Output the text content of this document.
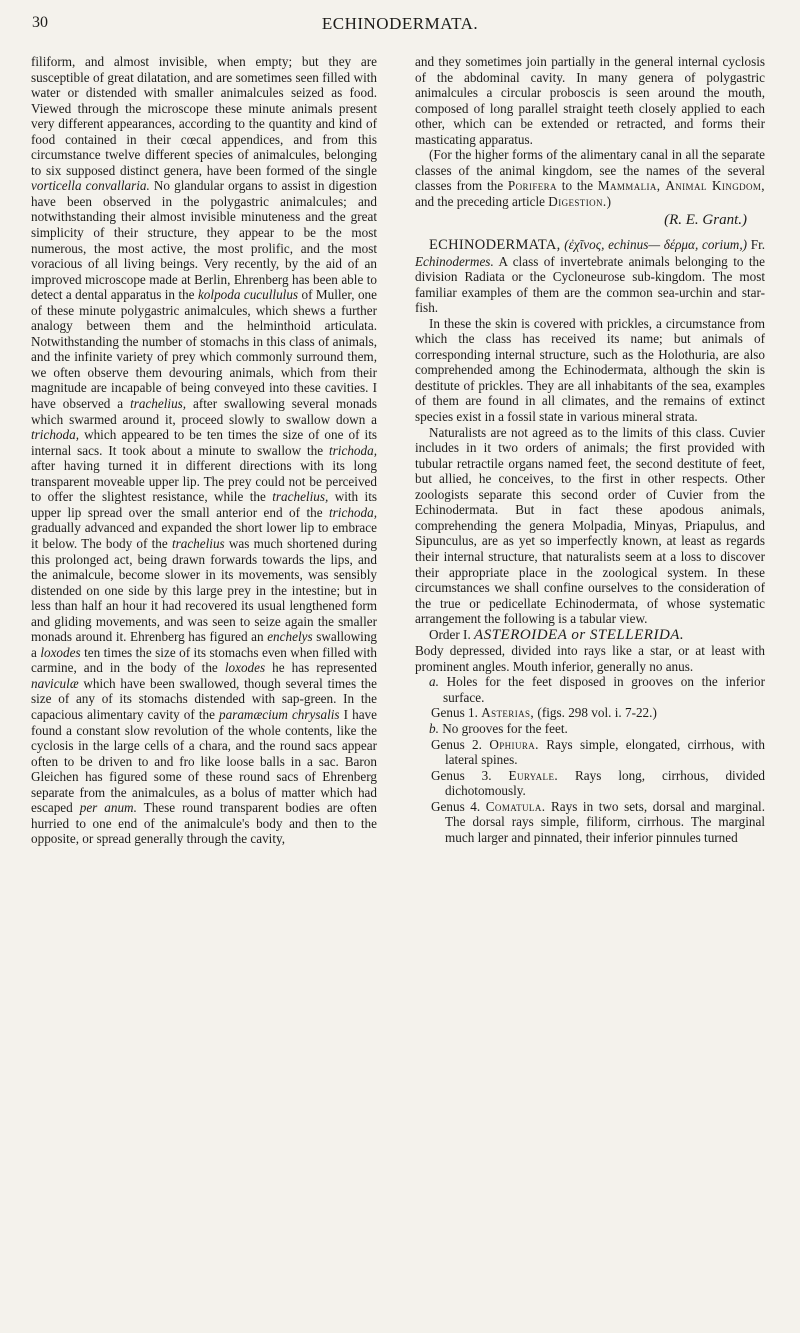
30	ECHINODERMATA.

filiform, and almost invisible, when empty; but they are susceptible of great dilatation, and are sometimes seen filled with water or distended with smaller animalcules seized as food. Viewed through the microscope these minute animals present very different appearances, according to the quantity and kind of food contained in their cœcal appendices, and from this circumstance twelve different species of animalcules, belonging to six supposed distinct genera, have been formed of the single vorticella convallaria. No glandular organs to assist in digestion have been observed in the polygastric animalcules; and notwithstanding their almost invisible minuteness and the great simplicity of their structure, they appear to be the most numerous, the most active, the most prolific, and the most voracious of all living beings. Very recently, by the aid of an improved microscope made at Berlin, Ehrenberg has been able to detect a dental apparatus in the kolpoda cucullulus of Muller, one of these minute polygastric animalcules, which shews a further analogy between them and the helminthoid articulata. Notwithstanding the number of stomachs in this class of animals, and the infinite variety of prey which commonly surround them, we often observe them devouring animals, which from their magnitude are incapable of being conveyed into these cavities. I have observed a trachelius, after swallowing several monads which swarmed around it, proceed slowly to swallow down a trichoda, which appeared to be ten times the size of one of its internal sacs. It took about a minute to swallow the trichoda, after having turned it in different directions with its long transparent moveable upper lip. The prey could not be perceived to offer the slightest resistance, while the trachelius, with its upper lip spread over the small anterior end of the trichoda, gradually advanced and expanded the short lower lip to embrace it below. The body of the trachelius was much shortened during this prolonged act, being drawn forwards towards the lips, and the animalcule, become slower in its movements, was sensibly distended on one side by this large prey in the intestine; but in less than half an hour it had recovered its usual lengthened form and gliding movements, and was seen to seize again the smaller monads around it. Ehrenberg has figured an enchelys swallowing a loxodes ten times the size of its stomachs even when filled with carmine, and in the body of the loxodes he has represented naviculæ which have been swallowed, though several times the size of any of its stomachs distended with sap-green. In the capacious alimentary cavity of the paramæcium chrysalis I have found a constant slow revolution of the whole contents, like the cyclosis in the large cells of a chara, and the round sacs appear often to be driven to and fro like loose balls in a sac. Baron Gleichen has figured some of these round sacs of Ehrenberg separate from the animalcules, as a bolus of matter which had escaped per anum. These round transparent bodies are often hurried to one end of the animalcule's body and then to the opposite, or spread generally through the cavity,

and they sometimes join partially in the general internal cyclosis of the abdominal cavity. In many genera of polygastric animalcules a circular proboscis is seen around the mouth, composed of long parallel straight teeth closely applied to each other, which can be extended or retracted, and forms their masticating apparatus.

(For the higher forms of the alimentary canal in all the separate classes of the animal kingdom, see the names of the several classes from the Porifera to the Mammalia, Animal Kingdom, and the preceding article Digestion.)

(R. E. Grant.)

ECHINODERMATA, (ἐχῖνος, echinus— δέρμα, corium,) Fr. Echinodermes. A class of invertebrate animals belonging to the division Radiata or the Cycloneurose sub-kingdom. The most familiar examples of them are the common sea-urchin and star-fish.

In these the skin is covered with prickles, a circumstance from which the class has received its name; but animals of corresponding internal structure, such as the Holothuria, are also comprehended among the Echinodermata, although the skin is destitute of prickles. They are all inhabitants of the sea, examples of them are found in all climates, and the remains of extinct species exist in a fossil state in various mineral strata.

Naturalists are not agreed as to the limits of this class. Cuvier includes in it two orders of animals; the first provided with tubular retractile organs named feet, the second destitute of feet, but allied, he conceives, to the first in other respects. Other zoologists separate this second order of Cuvier from the Echinodermata. But in fact these apodous animals, comprehending the genera Molpadia, Minyas, Priapulus, and Sipunculus, are as yet so imperfectly known, at least as regards their internal structure, that naturalists seem at a loss to discover their appropriate place in the zoological system. In these circumstances we shall confine ourselves to the consideration of the true or pedicellate Echinodermata, of whose systematic arrangement the following is a tabular view.

Order I. ASTEROIDEA or STELLERIDA.

Body depressed, divided into rays like a star, or at least with prominent angles. Mouth inferior, generally no anus.

a. Holes for the feet disposed in grooves on the inferior surface.

Genus 1. Asterias, (figs. 298 vol. i. 7-22.)

b. No grooves for the feet.

Genus 2. Ophiura. Rays simple, elongated, cirrhous, with lateral spines.

Genus 3. Euryale. Rays long, cirrhous, divided dichotomously.

Genus 4. Comatula. Rays in two sets, dorsal and marginal. The dorsal rays simple, filiform, cirrhous. The marginal much larger and pinnated, their inferior pinnules turned
